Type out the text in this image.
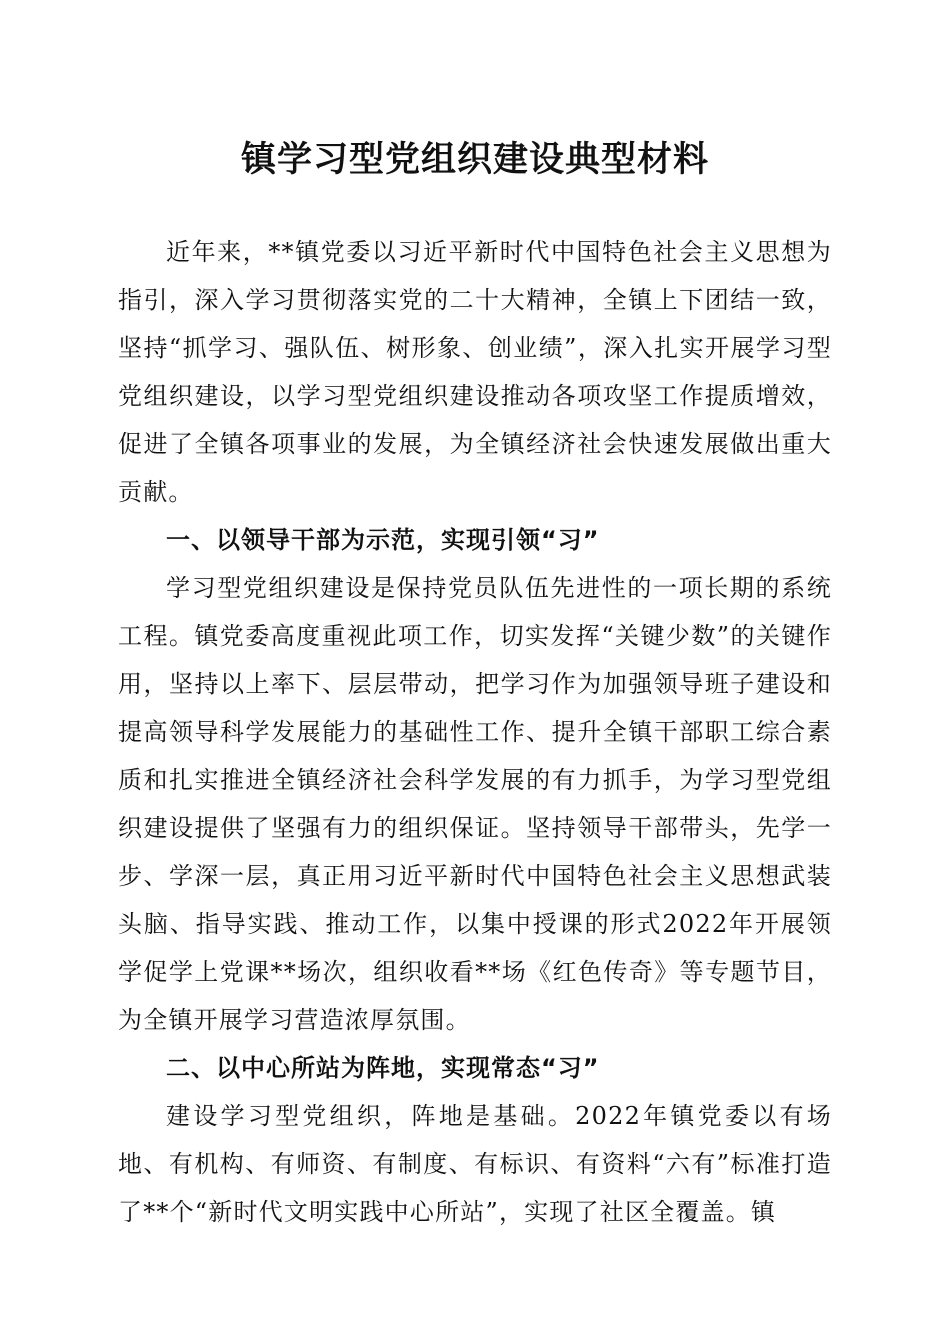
镇学习型党组织建设典型材料

近年来，**镇党委以习近平新时代中国特色社会主义思想为指引，深入学习贯彻落实党的二十大精神，全镇上下团结一致，坚持“抓学习、强队伍、树形象、创业绩”，深入扎实开展学习型党组织建设，以学习型党组织建设推动各项攻坚工作提质增效，促进了全镇各项事业的发展，为全镇经济社会快速发展做出重大贡献。

一、以领导干部为示范，实现引领“习”

学习型党组织建设是保持党员队伍先进性的一项长期的系统工程。镇党委高度重视此项工作，切实发挥“关键少数”的关键作用，坚持以上率下、层层带动，把学习作为加强领导班子建设和提高领导科学发展能力的基础性工作、提升全镇干部职工综合素质和扎实推进全镇经济社会科学发展的有力抓手，为学习型党组织建设提供了坚强有力的组织保证。坚持领导干部带头，先学一步、学深一层，真正用习近平新时代中国特色社会主义思想武装头脑、指导实践、推动工作，以集中授课的形式2022年开展领学促学上党课**场次，组织收看**场《红色传奇》等专题节目，为全镇开展学习营造浓厚氛围。

二、以中心所站为阵地，实现常态“习”

建设学习型党组织，阵地是基础。2022年镇党委以有场地、有机构、有师资、有制度、有标识、有资料“六有”标准打造了**个“新时代文明实践中心所站”，实现了社区全覆盖。镇
